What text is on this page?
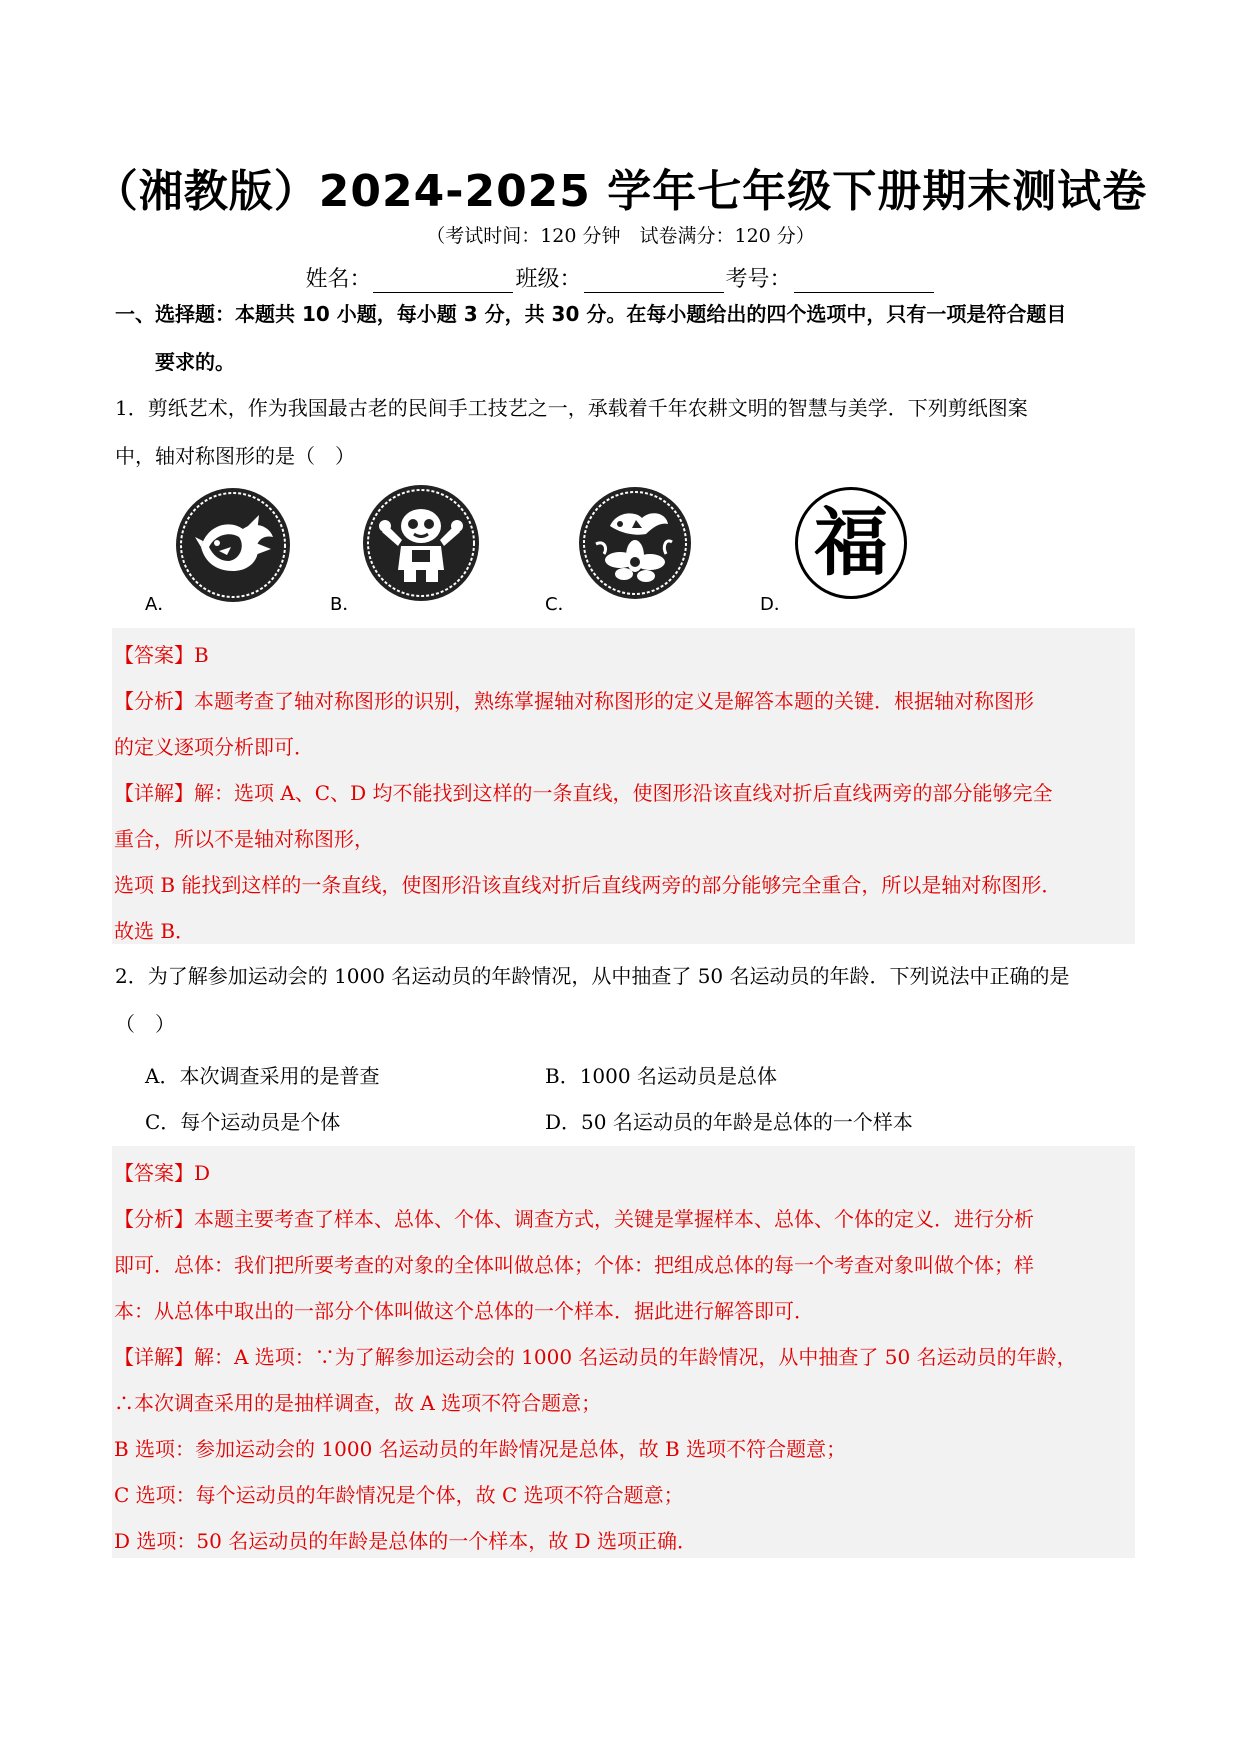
（湘教版）2024-2025 学年七年级下册期末测试卷
（考试时间：120 分钟　试卷满分：120 分）
姓名：	班级：	考号：
一、选择题：本题共 10 小题，每小题 3 分，共 30 分。在每小题给出的四个选项中，只有一项是符合题目
要求的。
1．剪纸艺术，作为我国最古老的民间手工技艺之一，承载着千年农耕文明的智慧与美学．下列剪纸图案
中，轴对称图形的是（　）
A．	B．	C．	D．
福

【答案】B

【分析】本题考查了轴对称图形的识别，熟练掌握轴对称图形的定义是解答本题的关键．根据轴对称图形

的定义逐项分析即可．

【详解】解：选项 A、C、D 均不能找到这样的一条直线，使图形沿该直线对折后直线两旁的部分能够完全

重合，所以不是轴对称图形，

选项 B 能找到这样的一条直线，使图形沿该直线对折后直线两旁的部分能够完全重合，所以是轴对称图形．

故选 B．

2．为了解参加运动会的 1000 名运动员的年龄情况，从中抽查了 50 名运动员的年龄．下列说法中正确的是
（　）
A．本次调查采用的是普查	B．1000 名运动员是总体
C．每个运动员是个体	D．50 名运动员的年龄是总体的一个样本

【答案】D

【分析】本题主要考查了样本、总体、个体、调查方式，关键是掌握样本、总体、个体的定义．进行分析

即可．总体：我们把所要考查的对象的全体叫做总体；个体：把组成总体的每一个考查对象叫做个体；样

本：从总体中取出的一部分个体叫做这个总体的一个样本．据此进行解答即可．

【详解】解：A 选项：∵为了解参加运动会的 1000 名运动员的年龄情况，从中抽查了 50 名运动员的年龄，

∴本次调查采用的是抽样调查，故 A 选项不符合题意；

B 选项：参加运动会的 1000 名运动员的年龄情况是总体，故 B 选项不符合题意；

C 选项：每个运动员的年龄情况是个体，故 C 选项不符合题意；

D 选项：50 名运动员的年龄是总体的一个样本，故 D 选项正确．
